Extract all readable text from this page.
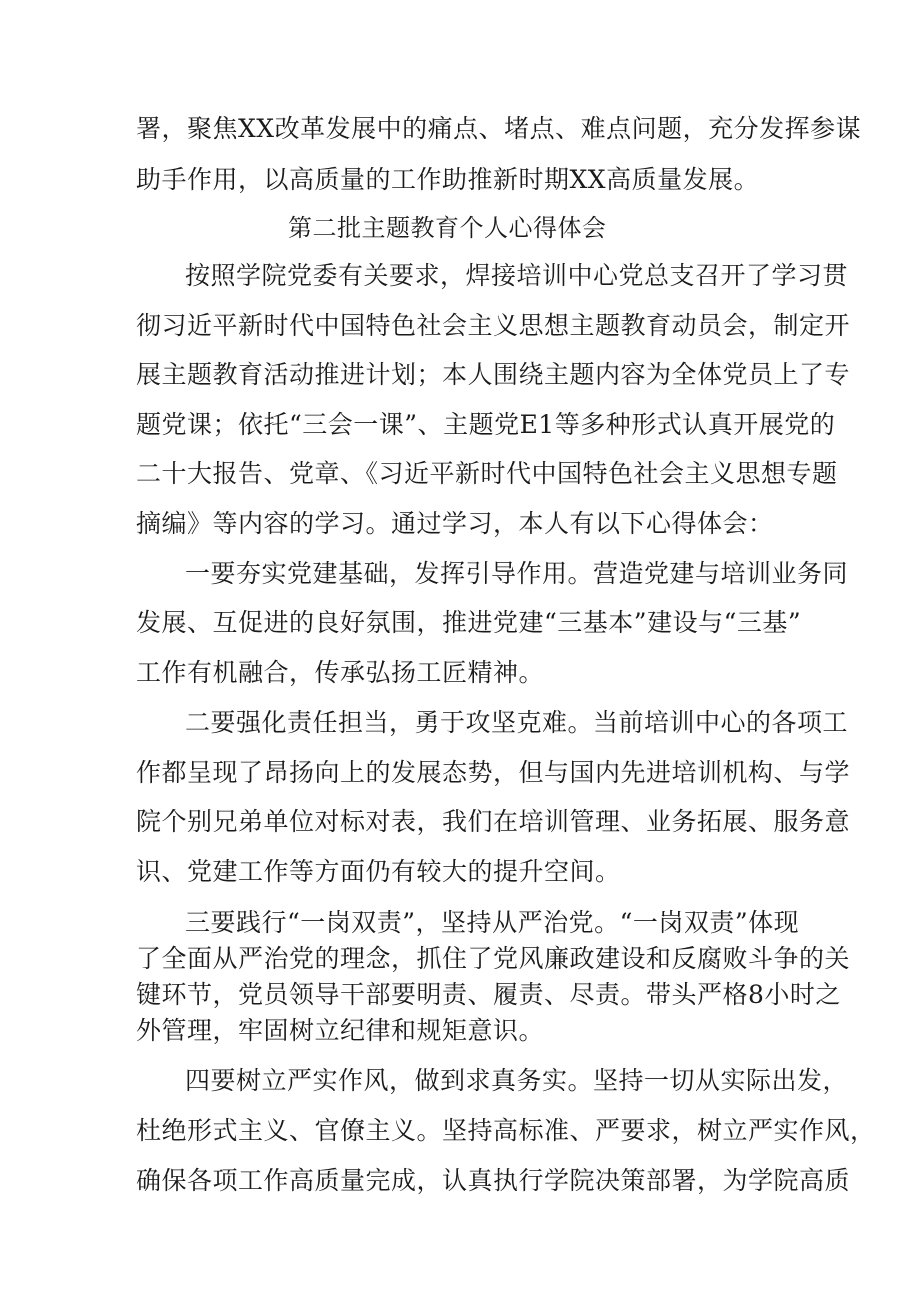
署，聚焦XX改革发展中的痛点、堵点、难点问题，充分发挥参谋
助手作用，以高质量的工作助推新时期XX高质量发展。
第二批主题教育个人心得体会
按照学院党委有关要求，焊接培训中心党总支召开了学习贯
彻习近平新时代中国特色社会主义思想主题教育动员会，制定开
展主题教育活动推进计划；本人围绕主题内容为全体党员上了专
题党课；依托“三会一课”、主题党E1等多种形式认真开展党的
二十大报告、党章、《习近平新时代中国特色社会主义思想专题
摘编》等内容的学习。通过学习，本人有以下心得体会：
一要夯实党建基础，发挥引导作用。营造党建与培训业务同
发展、互促进的良好氛围，推进党建“三基本”建设与“三基”
工作有机融合，传承弘扬工匠精神。
二要强化责任担当，勇于攻坚克难。当前培训中心的各项工
作都呈现了昂扬向上的发展态势，但与国内先进培训机构、与学
院个别兄弟单位对标对表，我们在培训管理、业务拓展、服务意
识、党建工作等方面仍有较大的提升空间。
三要践行“一岗双责”，坚持从严治党。“一岗双责”体现
了全面从严治党的理念，抓住了党风廉政建设和反腐败斗争的关
键环节，党员领导干部要明责、履责、尽责。带头严格8小时之
外管理，牢固树立纪律和规矩意识。
四要树立严实作风，做到求真务实。坚持一切从实际出发，
杜绝形式主义、官僚主义。坚持高标准、严要求，树立严实作风，
确保各项工作高质量完成，认真执行学院决策部署，为学院高质
